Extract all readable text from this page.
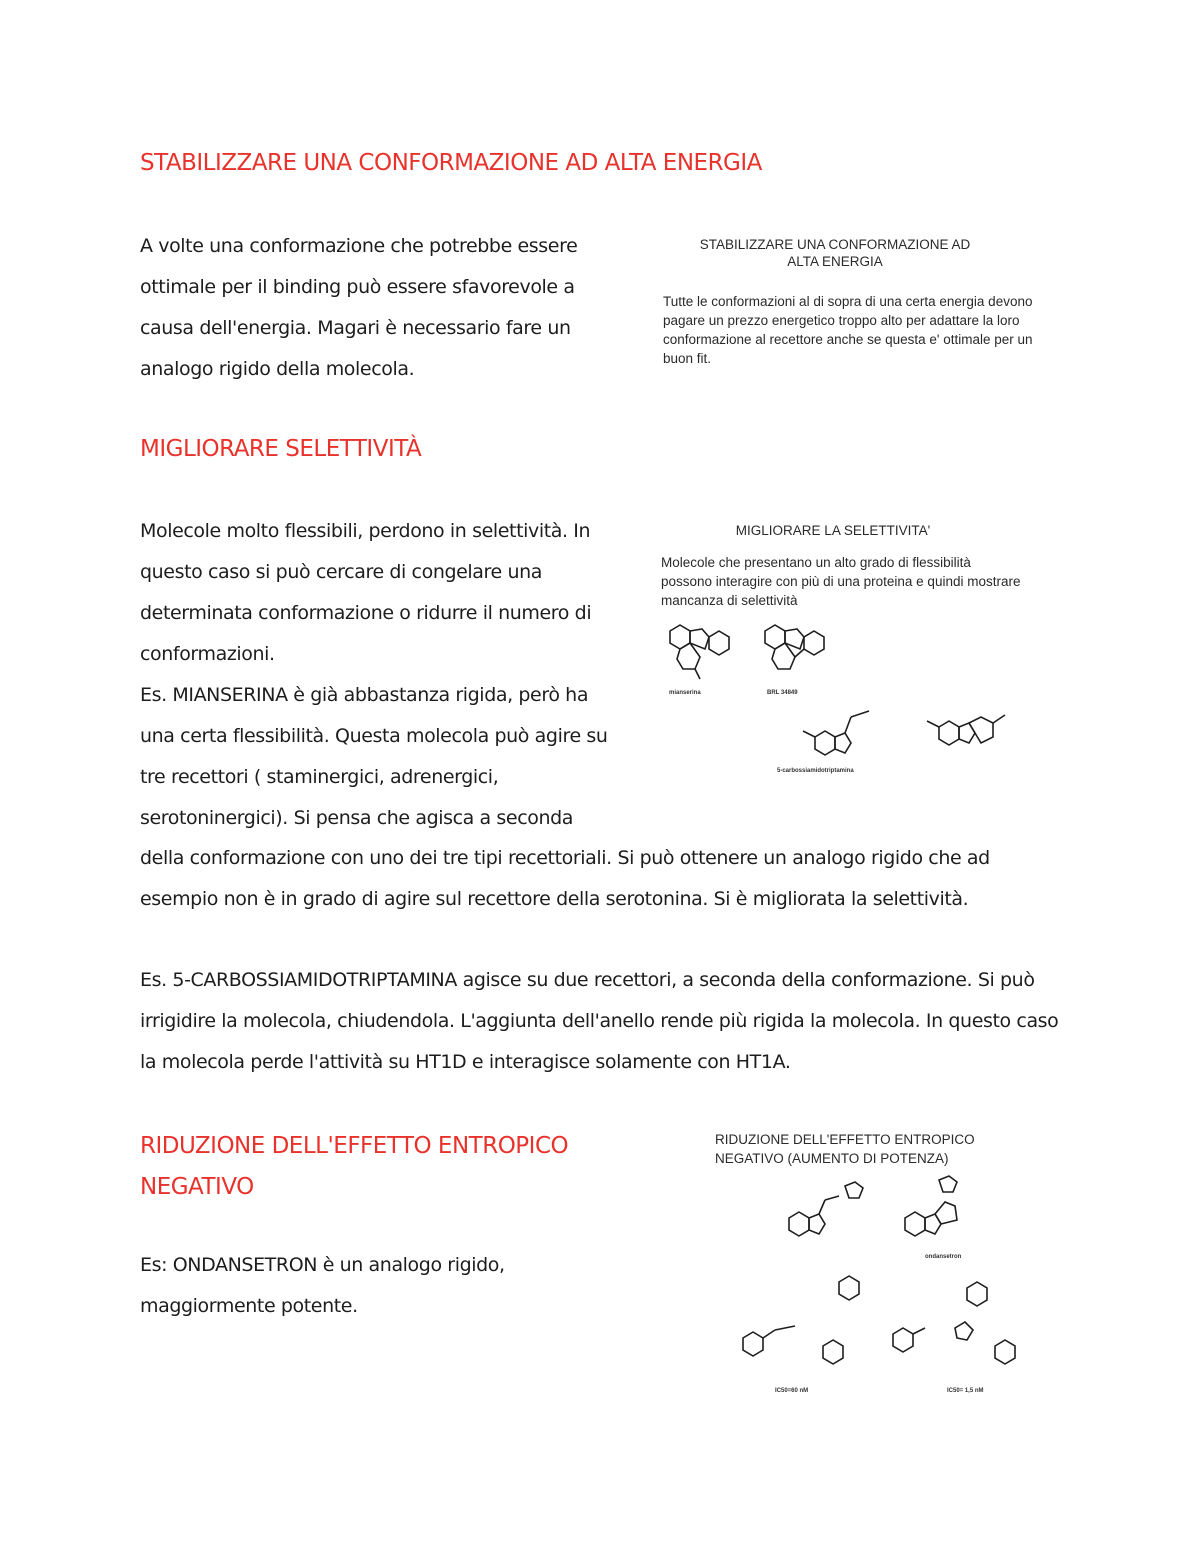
STABILIZZARE UNA CONFORMAZIONE AD ALTA ENERGIA

A volte una conformazione che potrebbe essere ottimale per il binding può essere sfavorevole a causa dell'energia. Magari è necessario fare un analogo rigido della molecola.

STABILIZZARE UNA CONFORMAZIONE AD ALTA ENERGIA
Tutte le conformazioni al di sopra di una certa energia devono pagare un prezzo energetico troppo alto per adattare la loro conformazione al recettore anche se questa e' ottimale per un buon fit.
MIGLIORARE SELETTIVITÀ

Molecole molto flessibili, perdono in selettività. In questo caso si può cercare di congelare una determinata conformazione o ridurre il numero di conformazioni.
Es. MIANSERINA è già abbastanza rigida, però ha una certa flessibilità. Questa molecola può agire su tre recettori ( staminergici, adrenergici, serotoninergici). Si pensa che agisca a seconda

della conformazione con uno dei tre tipi recettoriali. Si può ottenere un analogo rigido che ad esempio non è in grado di agire sul recettore della serotonina. Si è migliorata la selettività.

Es. 5-CARBOSSIAMIDOTRIPTAMINA agisce su due recettori, a seconda della conformazione. Si può irrigidire la molecola, chiudendola. L'aggiunta dell'anello rende più rigida la molecola. In questo caso la molecola perde l'attività su HT1D e interagisce solamente con HT1A.

MIGLIORARE LA SELETTIVITA'
Molecole che presentano un alto grado di flessibilità possono interagire con più di una proteina e quindi mostrare mancanza di selettività
mianserina	BRL 34849
5-carbossiamidotriptamina
RIDUZIONE DELL'EFFETTO ENTROPICO NEGATIVO

Es: ONDANSETRON è un analogo rigido, maggiormente potente.

RIDUZIONE DELL'EFFETTO ENTROPICO NEGATIVO (AUMENTO DI POTENZA)
ondansetron
IC50=60 nM	IC50= 1,5 nM
